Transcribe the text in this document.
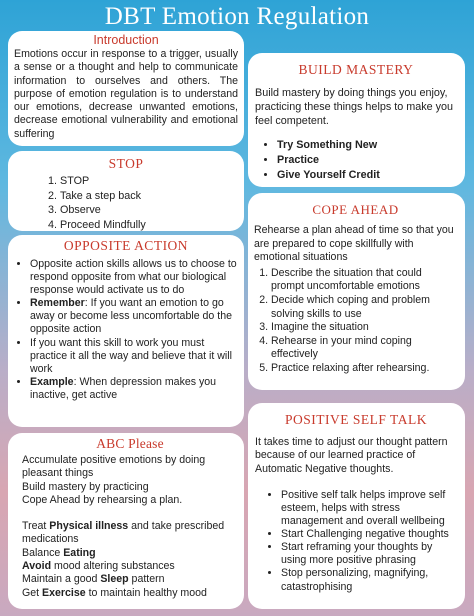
DBT Emotion Regulation
Introduction
Emotions occur in response to a trigger, usually a sense or a thought and help to communicate information to ourselves and others. The purpose of emotion regulation is to understand our emotions, decrease unwanted emotions, decrease emotional vulnerability and emotional suffering
BUILD MASTERY
Build mastery by doing things you enjoy, practicing these things helps to make you feel competent.
• Try Something New
• Practice
• Give Yourself Credit
STOP
1. STOP
2. Take a step back
3. Observe
4. Proceed Mindfully
COPE AHEAD
Rehearse a plan ahead of time so that you are prepared to cope skillfully with emotional situations
1. Describe the situation that could prompt uncomfortable emotions
2. Decide which coping and problem solving skills to use
3. Imagine the situation
4. Rehearse in your mind coping effectively
5. Practice relaxing after rehearsing.
OPPOSITE ACTION
• Opposite action skills allows us to choose to respond opposite from what our biological response would activate us to do
• Remember: If you want an emotion to go away or become less uncomfortable do the opposite action
• If you want this skill to work you must practice it all the way and believe that it will work
• Example: When depression makes you inactive, get active
POSITIVE SELF TALK
It takes time to adjust our thought pattern because of our learned practice of Automatic Negative thoughts.
• Positive self talk helps improve self esteem, helps with stress management and overall wellbeing
• Start Challenging negative thoughts
• Start reframing your thoughts by using more positive phrasing
• Stop personalizing, magnifying, catastrophising
ABC Please
Accumulate positive emotions by doing pleasant things
Build mastery by practicing
Cope Ahead by rehearsing a plan.
Treat Physical illness and take prescribed medications
Balance Eating
Avoid mood altering substances
Maintain a good Sleep pattern
Get Exercise to maintain healthy mood
